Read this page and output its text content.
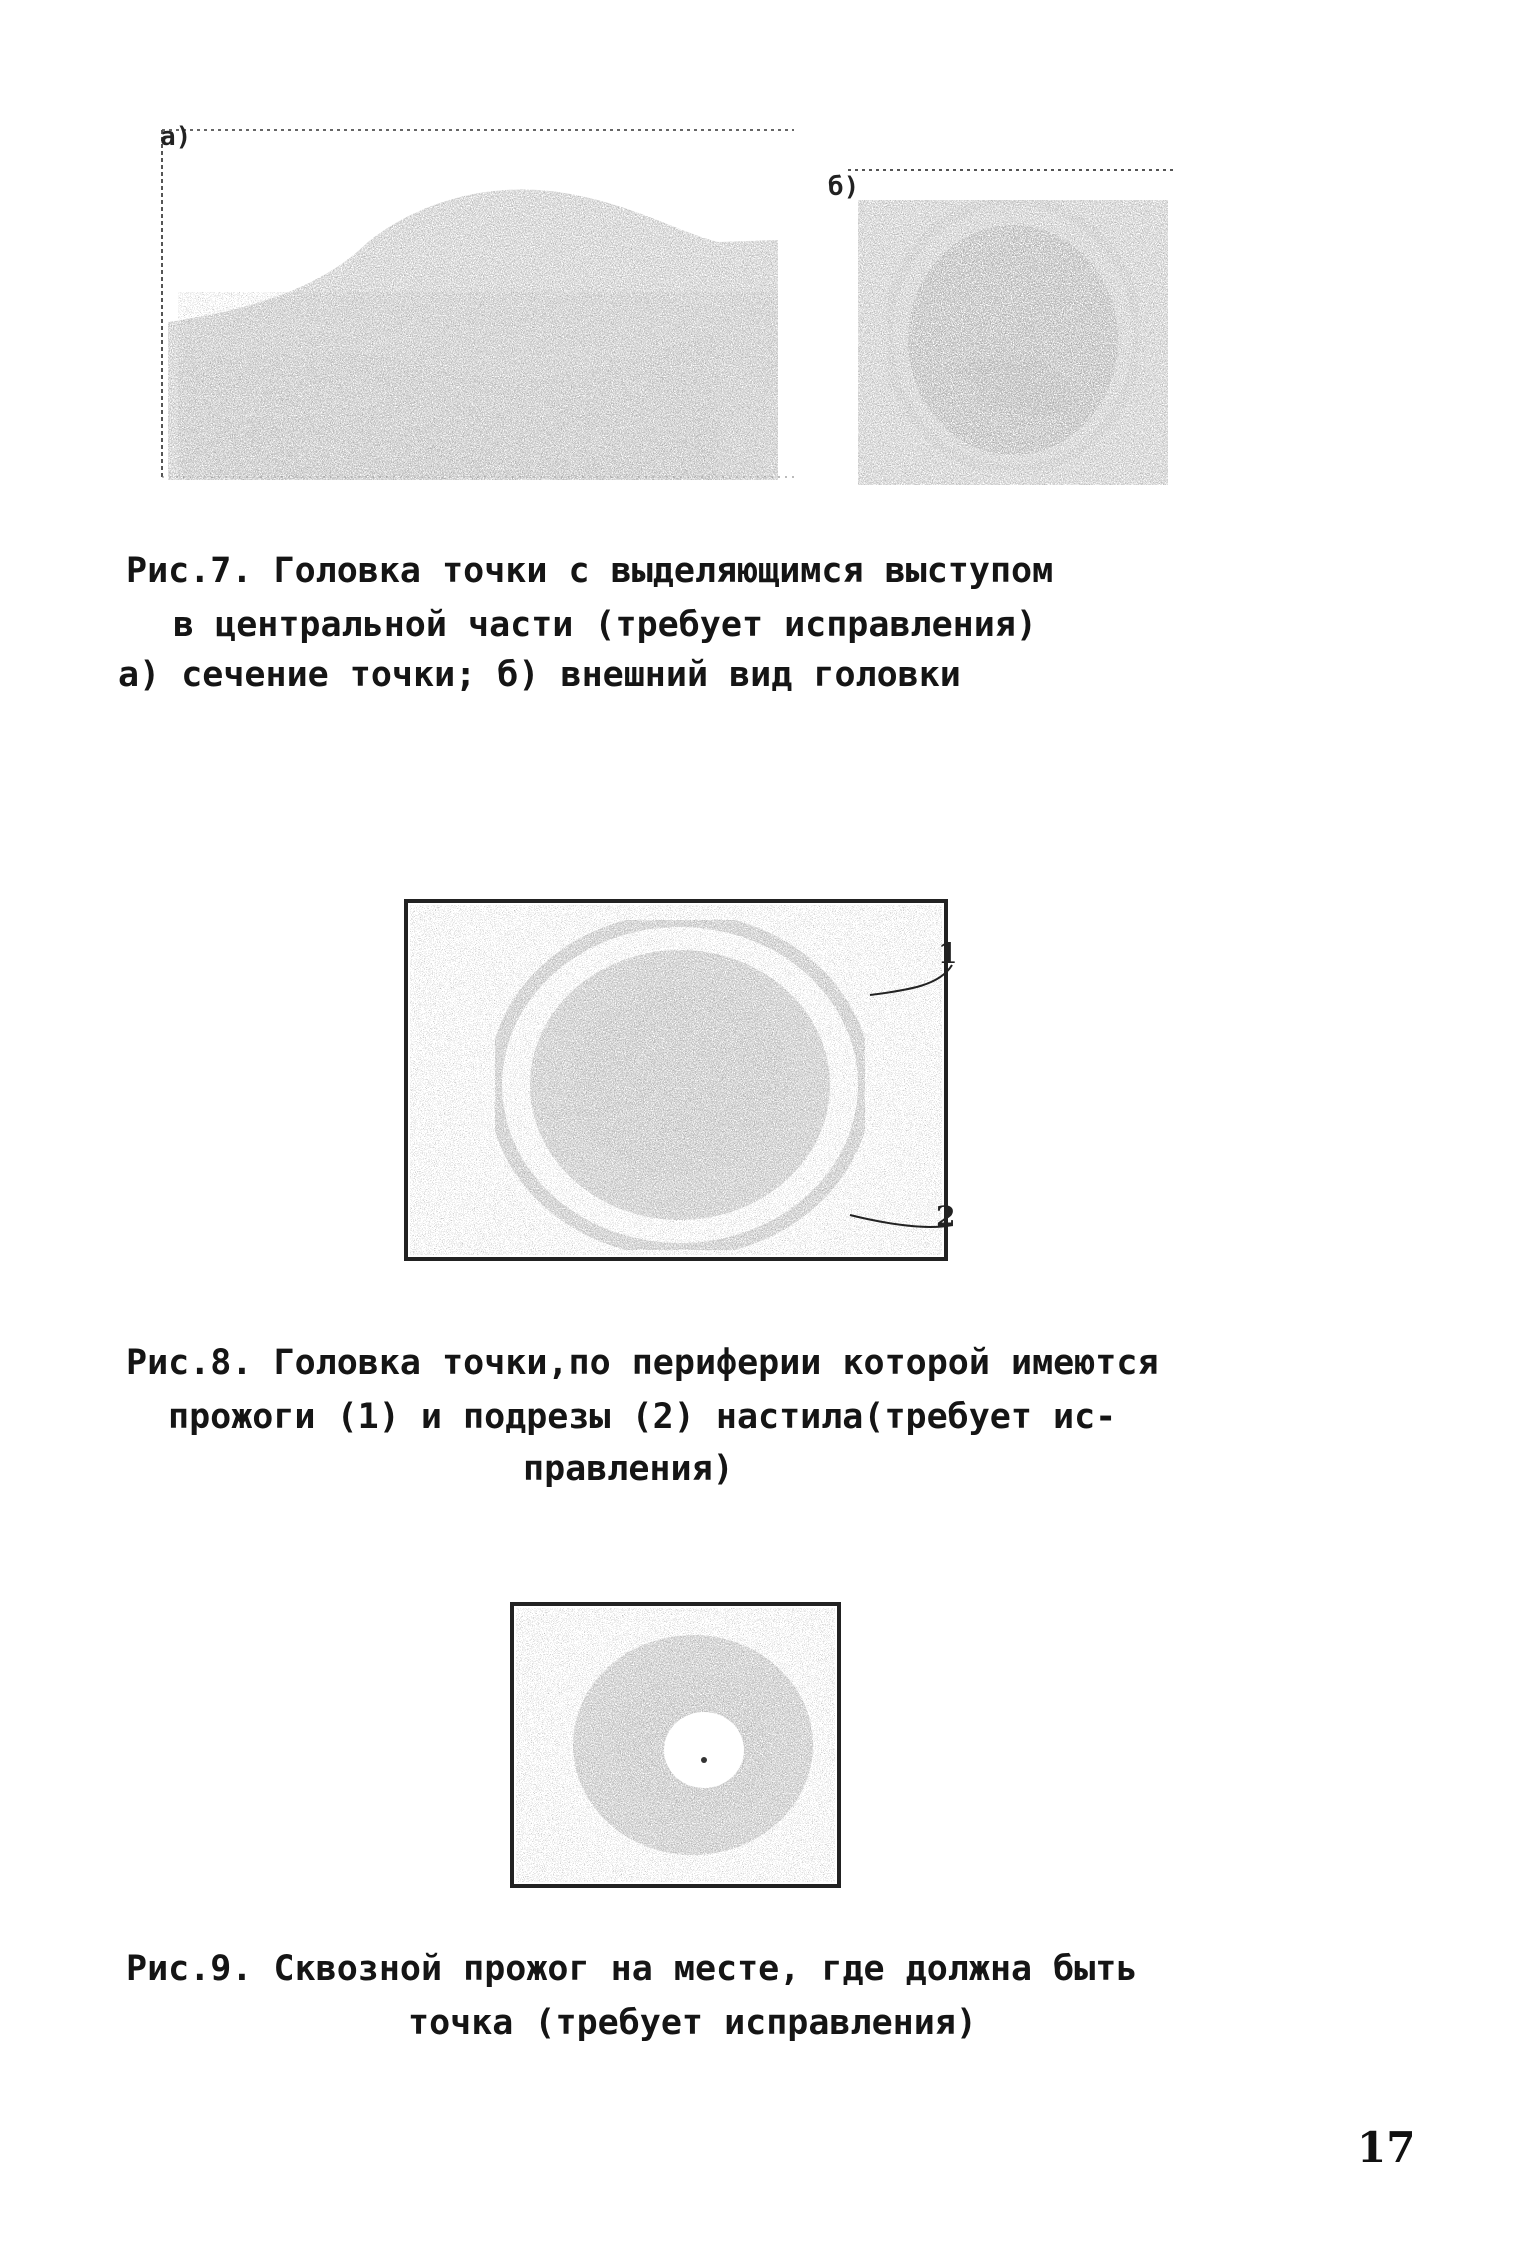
а)
б)
Рис.7. Головка точки с выделяющимся выступом
в центральной части (требует исправления)
а) сечение точки; б) внешний вид головки
1
2
Рис.8. Головка точки,по периферии которой имеются
прожоги (1) и подрезы (2) настила(требует ис-
правления)
Рис.9. Сквозной прожог на месте, где должна быть
точка (требует исправления)
17
